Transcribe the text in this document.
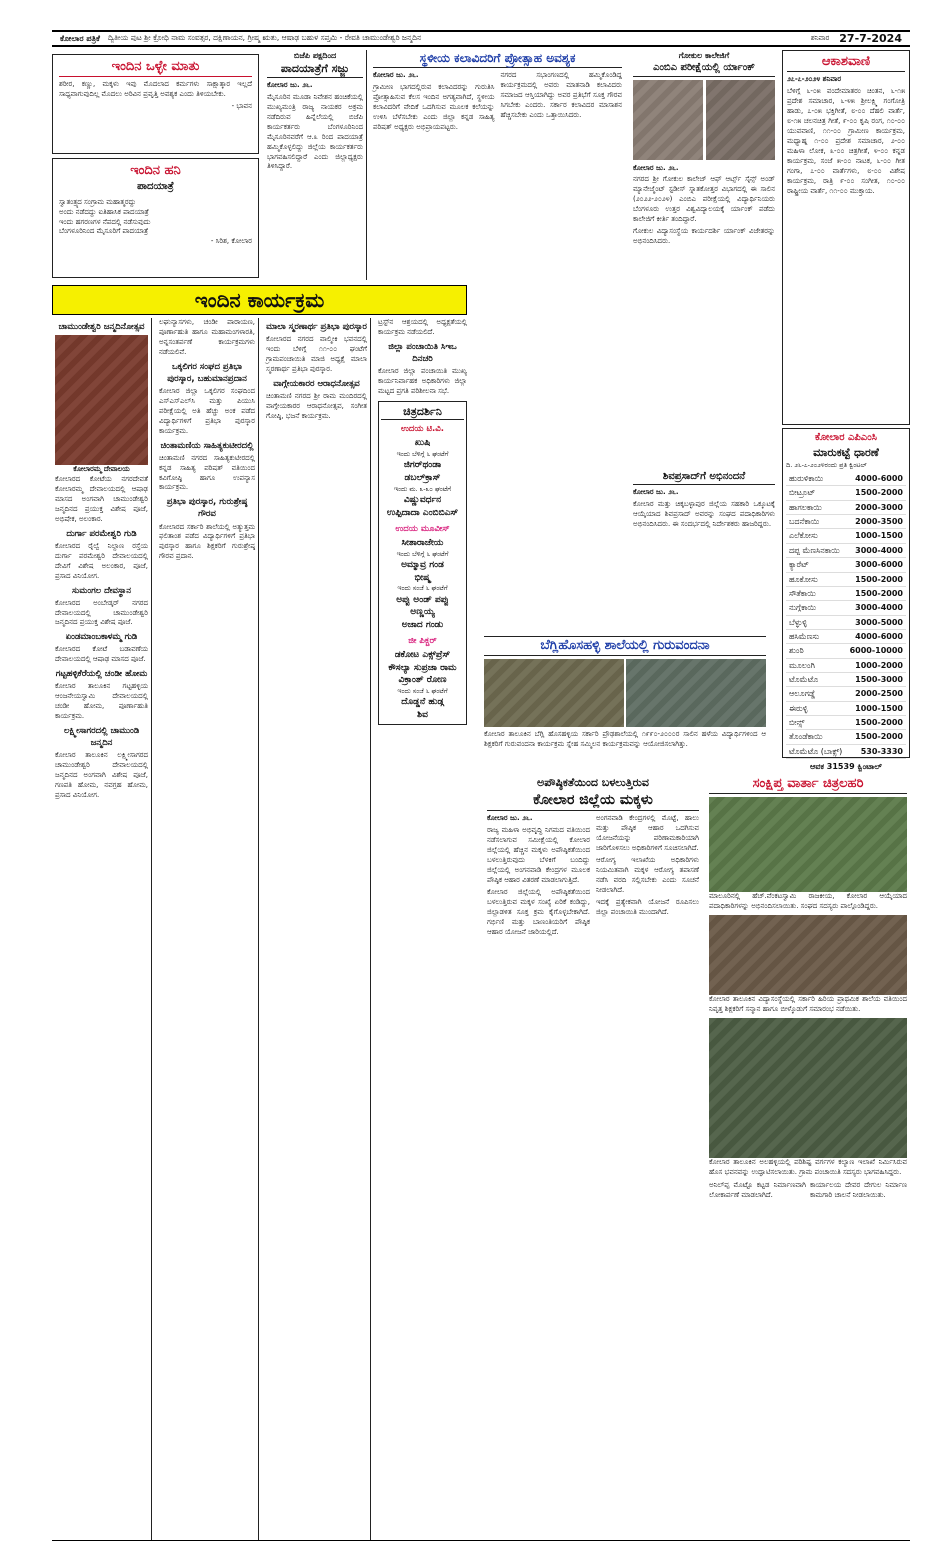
ಕೋಲಾರ ಪತ್ರಿಕೆ	ದ್ವಿತೀಯ ಪುಟ ಶ್ರೀ ಕ್ರೋಧಿ ನಾಮ ಸಂವತ್ಸರ, ದಕ್ಷಿಣಾಯನ, ಗ್ರೀಷ್ಮ ಋತು, ಆಷಾಢ ಬಹುಳ ಸಪ್ತಮಿ - ರೇವತಿ ಚಾಮುಂಡೇಶ್ವರಿ ಜನ್ಮದಿನ	ಶನಿವಾರ 27-7-2024
ಇಂದಿನ ಒಳ್ಳೇ ಮಾತು

ಶರೀರ, ಕಣ್ಣು, ಮಕ್ಕಳು ಇವು ಮೊದಲಾದ ಕರ್ಮಗಳು ಸಾಕ್ಷಾತ್ಕಾರ ಇಲ್ಲದೆ ಸಾಧ್ಯವಾಗುವುದಿಲ್ಲ ಮೊದಲು ಅರಿವಿನ ಪ್ರವೃತ್ತಿ ಅವಶ್ಯಕ ಎಂದು ತಿಳಿಯಬೇಕು.

- ಭಾವನ
ಇಂದಿನ ಹನಿ
ಪಾದಯಾತ್ರೆ
ಸ್ವಾತಂತ್ರ್ಯದ ಸಂಗ್ರಾಮ ಮಹಾತ್ಮರದ್ದು
ಅಂದು ನಡೆದದ್ದು ಐತಿಹಾಸಿಕ ಪಾದಯಾತ್ರೆ
ಇಂದು ಹಗರಣಗಳ ನೆಪದಲ್ಲಿ ನಡೆಸುವುದು
ಬೆಂಗಳೂರಿನಿಂದ ಮೈಸೂರಿಗೆ ಪಾದಯಾತ್ರೆ
- ಸಿರಿಶ, ಕೋಲಾರ
ಬಿಜೆಪಿ ಪಕ್ಷದಿಂದ
ಪಾದಯಾತ್ರೆಗೆ ಸಜ್ಜು

ಕೋಲಾರ ಜು. ೨೬.

ಮೈಸೂರಿನ ಮೂಡಾ ನಿವೇಶನ ಹಂಚಿಕೆಯಲ್ಲಿ ಮುಖ್ಯಮಂತ್ರಿ ರಾಜ್ಯ ನಾಯಕರ ಅಕ್ರಮ ನಡೆದಿರುವ ಹಿನ್ನೆಲೆಯಲ್ಲಿ ಬಿಜೆಪಿ ಕಾರ್ಯಕರ್ತರು ಬೆಂಗಳೂರಿನಿಂದ ಮೈಸೂರಿನವರೆಗೆ ಆ.೩ ರಿಂದ ಪಾದಯಾತ್ರೆ ಹಮ್ಮಿಕೊಳ್ಳಲಿದ್ದು ಜಿಲ್ಲೆಯ ಕಾರ್ಯಕರ್ತರು ಭಾಗವಹಿಸಲಿದ್ದಾರೆ ಎಂದು ಜಿಲ್ಲಾಧ್ಯಕ್ಷರು ತಿಳಿಸಿದ್ದಾರೆ.

ಸ್ಥಳೀಯ ಕಲಾವಿದರಿಗೆ ಪ್ರೋತ್ಸಾಹ ಅವಶ್ಯಕ

ಕೋಲಾರ ಜು. ೨೬.

ಗ್ರಾಮೀಣ ಭಾಗದಲ್ಲಿರುವ ಕಲಾವಿದರನ್ನು ಗುರುತಿಸಿ ಪ್ರೋತ್ಸಾಹಿಸುವ ಕೆಲಸ ಇಂದಿನ ಅಗತ್ಯವಾಗಿದೆ, ಸ್ಥಳೀಯ ಕಲಾವಿದರಿಗೆ ವೇದಿಕೆ ಒದಗಿಸುವ ಮೂಲಕ ಕಲೆಯನ್ನು ಉಳಿಸಿ ಬೆಳೆಸಬೇಕು ಎಂದು ಜಿಲ್ಲಾ ಕನ್ನಡ ಸಾಹಿತ್ಯ ಪರಿಷತ್ ಅಧ್ಯಕ್ಷರು ಅಭಿಪ್ರಾಯಪಟ್ಟರು.

ನಗರದ ಸಭಾಂಗಣದಲ್ಲಿ ಹಮ್ಮಿಕೊಂಡಿದ್ದ ಕಾರ್ಯಕ್ರಮದಲ್ಲಿ ಅವರು ಮಾತನಾಡಿ ಕಲಾವಿದರು ಸಮಾಜದ ಆಸ್ತಿಯಾಗಿದ್ದು ಅವರ ಪ್ರತಿಭೆಗೆ ಸೂಕ್ತ ಗೌರವ ಸಿಗಬೇಕು ಎಂದರು. ಸರ್ಕಾರ ಕಲಾವಿದರ ಮಾಸಾಶನ ಹೆಚ್ಚಿಸಬೇಕು ಎಂದು ಒತ್ತಾಯಿಸಿದರು.

ಗೋಕುಲ ಕಾಲೇಜಿಗೆ
ಎಂಬಿಎ ಪರೀಕ್ಷೆಯಲ್ಲಿ ರ್ಯಾಂಕ್

ಕೋಲಾರ ಜು. ೨೬.

ನಗರದ ಶ್ರೀ ಗೋಕುಲ ಕಾಲೇಜ್ ಆಫ್ ಆರ್ಟ್ಸ್ ಸೈನ್ಸ್ ಅಂಡ್ ಮ್ಯಾನೇಜ್ಮೆಂಟ್ ಸ್ಟಡೀಸ್ ಸ್ನಾತಕೋತ್ತರ ವಿಭಾಗದಲ್ಲಿ ಈ ಸಾಲಿನ (೨೦೨೨-೨೦೨೪) ಎಂಬಿಎ ಪರೀಕ್ಷೆಯಲ್ಲಿ ವಿದ್ಯಾರ್ಥಿನಿಯರು ಬೆಂಗಳೂರು ಉತ್ತರ ವಿಶ್ವವಿದ್ಯಾಲಯಕ್ಕೆ ರ್ಯಾಂಕ್ ಪಡೆದು ಕಾಲೇಜಿಗೆ ಕೀರ್ತಿ ತಂದಿದ್ದಾರೆ.

ಗೋಕುಲ ವಿದ್ಯಾಸಂಸ್ಥೆಯ ಕಾರ್ಯದರ್ಶಿ ರ್ಯಾಂಕ್ ವಿಜೇತರನ್ನು ಅಭಿನಂದಿಸಿದರು.

ಶಿವಪ್ರಸಾದ್‌ಗೆ ಅಭಿನಂದನೆ

ಕೋಲಾರ ಜು. ೨೬.

ಕೋಲಾರ ಮತ್ತು ಚಿಕ್ಕಬಳ್ಳಾಪುರ ಜಿಲ್ಲೆಯ ಸಹಕಾರಿ ಒಕ್ಕೂಟಕ್ಕೆ ಆಯ್ಕೆಯಾದ ಶಿವಪ್ರಸಾದ್ ಅವರನ್ನು ಸಂಘದ ಪದಾಧಿಕಾರಿಗಳು ಅಭಿನಂದಿಸಿದರು. ಈ ಸಂದರ್ಭದಲ್ಲಿ ನಿರ್ದೇಶಕರು ಹಾಜರಿದ್ದರು.

ಆಕಾಶವಾಣಿ

೨೭-೭-೨೦೨೪ ಶನಿವಾರ

ಬೆಳಿಗ್ಗೆ ೬-೦೫ ವಂದೇಮಾತರಂ ಚಿಂತನ, ೬-೧೫ ಪ್ರದೇಶ ಸಮಾಚಾರ, ೬-೪೫ ಶ್ರೀಲಕ್ಷ್ಮಿ ಗಂಗೋತ್ರಿ ಹಾಡು, ೭-೦೫ ಭಕ್ತಿಗೀತೆ, ೮-೦೦ ದೆಹಲಿ ವಾರ್ತೆ, ೮-೧೫ ಚಲನಚಿತ್ರ ಗೀತೆ, ೯-೦೦ ಕೃಷಿ ರಂಗ, ೧೦-೦೦ ಯುವವಾಣಿ, ೧೧-೦೦ ಗ್ರಾಮೀಣ ಕಾರ್ಯಕ್ರಮ, ಮಧ್ಯಾಹ್ನ ೧-೦೦ ಪ್ರದೇಶ ಸಮಾಚಾರ, ೨-೦೦ ಮಹಿಳಾ ಲೋಕ, ೩-೦೦ ಚಿತ್ರಗೀತೆ, ೪-೦೦ ಕನ್ನಡ ಕಾರ್ಯಕ್ರಮ, ಸಂಜೆ ೫-೦೦ ನಾಟಕ, ೬-೦೦ ಗೀತ ಗಂಗಾ, ೭-೦೦ ವಾರ್ತೆಗಳು, ೮-೦೦ ವಿಶೇಷ ಕಾರ್ಯಕ್ರಮ, ರಾತ್ರಿ ೯-೦೦ ಸಂಗೀತ, ೧೦-೦೦ ರಾಷ್ಟ್ರೀಯ ವಾರ್ತೆ, ೧೧-೦೦ ಮುಕ್ತಾಯ.

ಕೋಲಾರ ಎಪಿಎಂಸಿ
ಮಾರುಕಟ್ಟೆ ಧಾರಣೆ

ದಿ. ೨೬-೭-೨೦೨೪ರಂದು ಪ್ರತಿ ಕ್ವಿಂಟಲ್

ಹುರುಳಿಕಾಯಿ	4000-6000
ಬೀಟ್ರೂಟ್	1500-2000
ಹಾಗಲಕಾಯಿ	2000-3000
ಬದನೆಕಾಯಿ	2000-3500
ಎಲೆಕೋಸು	1000-1500
ದಪ್ಪ ಮೆಣಸಿನಕಾಯಿ	3000-4000
ಕ್ಯಾರೆಟ್	3000-6000
ಹೂಕೋಸು	1500-2000
ಸೌತೆಕಾಯಿ	1500-2000
ನುಗ್ಗೆಕಾಯಿ	3000-4000
ಬೆಳ್ಳುಳ್ಳಿ	3000-5000
ಹಸಿಮೆಣಸು	4000-6000
ಶುಂಠಿ	6000-10000
ಮೂಲಂಗಿ	1000-2000
ಟೊಮೆಟೊ	1500-3000
ಆಲೂಗಡ್ಡೆ	2000-2500
ಈರುಳ್ಳಿ	1000-1500
ಬೀನ್ಸ್	1500-2000
ತೊಂಡೆಕಾಯಿ	1500-2000
ಟೊಮೆಟೊ (ಬಾಕ್ಸ್)	530-3330
ಆವಕ 31539 ಕ್ವಿಂಟಾಲ್
ಇಂದಿನ ಕಾರ್ಯಕ್ರಮ
ಚಾಮುಂಡೇಶ್ವರಿ ಜನ್ಮದಿನೋತ್ಸವ
ಕೋಲಾರಮ್ಮ ದೇವಾಲಯ

ಕೋಲಾರದ ಕೋಟೆಯ ನಗರದೇವತೆ ಕೋಲಾರಮ್ಮ ದೇವಾಲಯದಲ್ಲಿ ಆಷಾಢ ಮಾಸದ ಅಂಗವಾಗಿ ಚಾಮುಂಡೇಶ್ವರಿ ಜನ್ಮದಿನದ ಪ್ರಯುಕ್ತ ವಿಶೇಷ ಪೂಜೆ, ಅಭಿಷೇಕ, ಅಲಂಕಾರ.

ದುರ್ಗಾ ಪರಮೇಶ್ವರಿ ಗುಡಿ

ಕೋಲಾರದ ರೈಲ್ವೆ ನಿಲ್ದಾಣ ರಸ್ತೆಯ ದುರ್ಗಾ ಪರಮೇಶ್ವರಿ ದೇವಾಲಯದಲ್ಲಿ ದೇವಿಗೆ ವಿಶೇಷ ಅಲಂಕಾರ, ಪೂಜೆ, ಪ್ರಸಾದ ವಿನಿಯೋಗ.

ಸುಮಂಗಲ ದೇವಸ್ಥಾನ

ಕೋಲಾರದ ಅಂಬೇಡ್ಕರ್ ನಗರದ ದೇವಾಲಯದಲ್ಲಿ ಚಾಮುಂಡೇಶ್ವರಿ ಜನ್ಮದಿನದ ಪ್ರಯುಕ್ತ ವಿಶೇಷ ಪೂಜೆ.

ಏಂಡಮಾಂಬಕಾಳಮ್ಮ ಗುಡಿ

ಕೋಲಾರದ ಕೋಟೆ ಬಡಾವಣೆಯ ದೇವಾಲಯದಲ್ಲಿ ಆಷಾಢ ಮಾಸದ ಪೂಜೆ.

ಗಟ್ಟಹಳ್ಳಿಕೆರೆಯಲ್ಲಿ ಚಂಡೀ ಹೋಮ

ಕೋಲಾರ ತಾಲೂಕಿನ ಗಟ್ಟಹಳ್ಳಿಯ ಆಂಜನೇಯಸ್ವಾಮಿ ದೇವಾಲಯದಲ್ಲಿ ಚಂಡೀ ಹೋಮ, ಪೂರ್ಣಾಹುತಿ ಕಾರ್ಯಕ್ರಮ.

ಲಕ್ಷ್ಮೀಸಾಗರದಲ್ಲಿ ಚಾಮುಂಡಿ ಜನ್ಮದಿನ

ಕೋಲಾರ ತಾಲೂಕಿನ ಲಕ್ಷ್ಮೀಸಾಗರದ ಚಾಮುಂಡೇಶ್ವರಿ ದೇವಾಲಯದಲ್ಲಿ ಜನ್ಮದಿನದ ಅಂಗವಾಗಿ ವಿಶೇಷ ಪೂಜೆ, ಗಣಪತಿ ಹೋಮ, ನವಗ್ರಹ ಹೋಮ, ಪ್ರಸಾದ ವಿನಿಯೋಗ.

ಲಘುನ್ಯಾಸಗಳು, ಚಂಡೀ ಪಾರಾಯಣ, ಪೂರ್ಣಾಹುತಿ ಹಾಗೂ ಮಹಾಮಂಗಳಾರತಿ, ಅನ್ನಸಂತರ್ಪಣೆ ಕಾರ್ಯಕ್ರಮಗಳು ನಡೆಯಲಿವೆ.

ಒಕ್ಕಲಿಗರ ಸಂಘದ ಪ್ರತಿಭಾ ಪುರಸ್ಕಾರ, ಬಹುಮಾನಪ್ರದಾನ

ಕೋಲಾರ ಜಿಲ್ಲಾ ಒಕ್ಕಲಿಗರ ಸಂಘದಿಂದ ಎಸ್ಎಸ್ಎಲ್‌ಸಿ ಮತ್ತು ಪಿಯುಸಿ ಪರೀಕ್ಷೆಯಲ್ಲಿ ಅತಿ ಹೆಚ್ಚು ಅಂಕ ಪಡೆದ ವಿದ್ಯಾರ್ಥಿಗಳಿಗೆ ಪ್ರತಿಭಾ ಪುರಸ್ಕಾರ ಕಾರ್ಯಕ್ರಮ.

ಚಿಂತಾಮಣಿಯ ಸಾಹಿತ್ಯಕುಟೀರದಲ್ಲಿ

ಚಿಂತಾಮಣಿ ನಗರದ ಸಾಹಿತ್ಯಕುಟೀರದಲ್ಲಿ ಕನ್ನಡ ಸಾಹಿತ್ಯ ಪರಿಷತ್ ವತಿಯಿಂದ ಕವಿಗೋಷ್ಠಿ ಹಾಗೂ ಉಪನ್ಯಾಸ ಕಾರ್ಯಕ್ರಮ.

ಪ್ರತಿಭಾ ಪುರಸ್ಕಾರ, ಗುರುಶ್ರೇಷ್ಠ ಗೌರವ

ಕೋಲಾರದ ಸರ್ಕಾರಿ ಶಾಲೆಯಲ್ಲಿ ಅತ್ಯುತ್ತಮ ಫಲಿತಾಂಶ ಪಡೆದ ವಿದ್ಯಾರ್ಥಿಗಳಿಗೆ ಪ್ರತಿಭಾ ಪುರಸ್ಕಾರ ಹಾಗೂ ಶಿಕ್ಷಕರಿಗೆ ಗುರುಶ್ರೇಷ್ಠ ಗೌರವ ಪ್ರದಾನ.

ಮಾಲಾ ಸ್ಮರಣಾರ್ಥ ಪ್ರತಿಭಾ ಪುರಸ್ಕಾರ

ಕೋಲಾರದ ನಗರದ ವಾಲ್ಮೀಕಿ ಭವನದಲ್ಲಿ ಇಂದು ಬೆಳಿಗ್ಗೆ ೧೧-೦೦ ಘಂಟೆಗೆ ಗ್ರಾಮಪಂಚಾಯಿತಿ ಮಾಜಿ ಅಧ್ಯಕ್ಷೆ ಮಾಲಾ ಸ್ಮರಣಾರ್ಥ ಪ್ರತಿಭಾ ಪುರಸ್ಕಾರ.

ವಾಗ್ಗೇಯಕಾರರ ಆರಾಧನೋತ್ಸವ

ಚಿಂತಾಮಣಿ ನಗರದ ಶ್ರೀ ರಾಮ ಮಂದಿರದಲ್ಲಿ ವಾಗ್ಗೇಯಕಾರರ ಆರಾಧನೋತ್ಸವ, ಸಂಗೀತ ಗೋಷ್ಠಿ, ಭಜನೆ ಕಾರ್ಯಕ್ರಮ.

ಟ್ರಸ್ಟ್‌ನ ಆಶ್ರಯದಲ್ಲಿ ಅಧ್ಯಕ್ಷತೆಯಲ್ಲಿ ಕಾರ್ಯಕ್ರಮ ನಡೆಯಲಿದೆ.

ಜಿಲ್ಲಾ ಪಂಚಾಯಿತಿ ಸಿಇಒ ದಿನಚರಿ

ಕೋಲಾರ ಜಿಲ್ಲಾ ಪಂಚಾಯಿತಿ ಮುಖ್ಯ ಕಾರ್ಯನಿರ್ವಾಹಕ ಅಧಿಕಾರಿಗಳು ಜಿಲ್ಲಾ ಮಟ್ಟದ ಪ್ರಗತಿ ಪರಿಶೀಲನಾ ಸಭೆ.

ಚಿತ್ರದರ್ಶಿನಿ
ಉದಯ ಟಿ.ವಿ.
ಖುಷಿ
ಇಂದು ಬೆಳಿಗ್ಗೆ ೬ ಘಂಟೆಗೆ
ಜಿಗರ್‌ಥಂಡಾ
ಡಬಲ್‌ಕ್ರಾಸ್
ಇಂದು ಮ. ೩-೩೦ ಘಂಟೆಗೆ
ವಿಷ್ಣುವರ್ಧನ
ಉಪ್ಪಿದಾದಾ ಎಂಬಿಬಿಎಸ್
ಉದಯ ಮೂವೀಸ್
ಸೀತಾರಾಜೇಯ
ಇಂದು ಬೆಳಿಗ್ಗೆ ೬ ಘಂಟೆಗೆ
ಅಮ್ಮಾವ್ರ ಗಂಡ
ಭೀಷ್ಮ
ಇಂದು ಸಂಜೆ ೬ ಘಂಟೆಗೆ
ಅಪ್ಪು ಅಂಡ್ ಪಪ್ಪು
ಅಣ್ಣಯ್ಯ
ಅಜಾದ ಗಂಡು
ಜೀ ಪಿಕ್ಚರ್
ಡಕೋಟ ಎಕ್ಸ್‌ಪ್ರೆಸ್
ಕೌಸಲ್ಯಾ ಸುಪ್ರಜಾ ರಾಮ
ವಿಕ್ರಾಂತ್ ರೋಣ
ಇಂದು ಸಂಜೆ ೬ ಘಂಟೆಗೆ
ದೊಡ್ಡನೆ ಹುಡ್ಗ
ಶಿವ
ಬೆಗ್ಲಿಹೊಸಹಳ್ಳಿ ಶಾಲೆಯಲ್ಲಿ ಗುರುವಂದನಾ

ಕೋಲಾರ ತಾಲೂಕಿನ ಬೆಗ್ಲಿ ಹೊಸಹಳ್ಳಿಯ ಸರ್ಕಾರಿ ಪ್ರೌಢಶಾಲೆಯಲ್ಲಿ ೧೯೯೦-೨೦೦೦ರ ಸಾಲಿನ ಹಳೆಯ ವಿದ್ಯಾರ್ಥಿಗಳಿಂದ ಆ ಶಿಕ್ಷಕರಿಗೆ ಗುರುವಂದನಾ ಕಾರ್ಯಕ್ರಮ ಸ್ನೇಹ ಸಮ್ಮಿಲನ ಕಾರ್ಯಕ್ರಮವನ್ನು ಆಯೋಜಿಸಲಾಗಿತ್ತು.

ಅಪೌಷ್ಠಿಕತೆಯಿಂದ ಬಳಲುತ್ತಿರುವ
ಕೋಲಾರ ಜಿಲ್ಲೆಯ ಮಕ್ಕಳು

ಕೋಲಾರ ಜು. ೨೬.

ರಾಜ್ಯ ಮಹಿಳಾ ಅಭಿವೃದ್ಧಿ ನಿಗಮದ ವತಿಯಿಂದ ನಡೆಸಲಾಗುವ ಸಮೀಕ್ಷೆಯಲ್ಲಿ ಕೋಲಾರ ಜಿಲ್ಲೆಯಲ್ಲಿ ಹೆಚ್ಚಿನ ಮಕ್ಕಳು ಅಪೌಷ್ಠಿಕತೆಯಿಂದ ಬಳಲುತ್ತಿರುವುದು ಬೆಳಕಿಗೆ ಬಂದಿದ್ದು ಜಿಲ್ಲೆಯಲ್ಲಿ ಅಂಗನವಾಡಿ ಕೇಂದ್ರಗಳ ಮೂಲಕ ಪೌಷ್ಠಿಕ ಆಹಾರ ವಿತರಣೆ ಮಾಡಲಾಗುತ್ತಿದೆ.

ಕೋಲಾರ ಜಿಲ್ಲೆಯಲ್ಲಿ ಅಪೌಷ್ಠಿಕತೆಯಿಂದ ಬಳಲುತ್ತಿರುವ ಮಕ್ಕಳ ಸಂಖ್ಯೆ ಏರಿಕೆ ಕಂಡಿದ್ದು, ಜಿಲ್ಲಾಡಳಿತ ಸೂಕ್ತ ಕ್ರಮ ಕೈಗೊಳ್ಳಬೇಕಾಗಿದೆ. ಗರ್ಭಿಣಿ ಮತ್ತು ಬಾಣಂತಿಯರಿಗೆ ಪೌಷ್ಠಿಕ ಆಹಾರ ಯೋಜನೆ ಜಾರಿಯಲ್ಲಿದೆ.

ಅಂಗನವಾಡಿ ಕೇಂದ್ರಗಳಲ್ಲಿ ಮೊಟ್ಟೆ, ಹಾಲು ಮತ್ತು ಪೌಷ್ಠಿಕ ಆಹಾರ ಒದಗಿಸುವ ಯೋಜನೆಯನ್ನು ಪರಿಣಾಮಕಾರಿಯಾಗಿ ಜಾರಿಗೊಳಿಸಲು ಅಧಿಕಾರಿಗಳಿಗೆ ಸೂಚಿಸಲಾಗಿದೆ.

ಆರೋಗ್ಯ ಇಲಾಖೆಯ ಅಧಿಕಾರಿಗಳು ನಿಯಮಿತವಾಗಿ ಮಕ್ಕಳ ಆರೋಗ್ಯ ತಪಾಸಣೆ ನಡೆಸಿ ವರದಿ ಸಲ್ಲಿಸಬೇಕು ಎಂದು ಸೂಚನೆ ನೀಡಲಾಗಿದೆ.

ಇದಕ್ಕೆ ಪ್ರತ್ಯೇಕವಾಗಿ ಯೋಜನೆ ರೂಪಿಸಲು ಜಿಲ್ಲಾ ಪಂಚಾಯಿತಿ ಮುಂದಾಗಿದೆ.

ಸಂಕ್ಷಿಪ್ತ ವಾರ್ತಾ ಚಿತ್ರಲಹರಿ

ಮಾಲೂರಿನಲ್ಲಿ ಹೆಚ್.ವೆಂಕಟಸ್ವಾಮಿ ರಾಜಕೀಯ, ಕೋಲಾರ ಆಯ್ಕೆಯಾದ ಪದಾಧಿಕಾರಿಗಳನ್ನು ಅಭಿನಂದಿಸಲಾಯಿತು. ಸಂಘದ ಸದಸ್ಯರು ಪಾಲ್ಗೊಂಡಿದ್ದರು.

ಕೋಲಾರ ತಾಲೂಕಿನ ವಿದ್ಯಾಸಂಸ್ಥೆಯಲ್ಲಿ ಸರ್ಕಾರಿ ಹಿರಿಯ ಪ್ರಾಥಮಿಕ ಶಾಲೆಯ ವತಿಯಿಂದ ನಿವೃತ್ತ ಶಿಕ್ಷಕರಿಗೆ ಸನ್ಮಾನ ಹಾಗೂ ಬೀಳ್ಕೊಡುಗೆ ಸಮಾರಂಭ ನಡೆಯಿತು.

ಕೋಲಾರ ತಾಲೂಕಿನ ಅಲಹಳ್ಳಿಯಲ್ಲಿ ಪರಿಶಿಷ್ಟ ವರ್ಗಗಳ ಕಲ್ಯಾಣ ಇಲಾಖೆ ನಿರ್ಮಿಸಿರುವ ಹೊಸ ಭವನವನ್ನು ಉದ್ಘಾಟಿಸಲಾಯಿತು. ಗ್ರಾಮ ಪಂಚಾಯಿತಿ ಸದಸ್ಯರು ಭಾಗವಹಿಸಿದ್ದರು.

ಅನಿಲ್‌ಪ್ಪ ಮೊಟ್ಟೊ ಕಟ್ಟಡ ನಿರ್ಮಾಣವಾಗಿ ಲೋಕಾರ್ಪಣೆ ಮಾಡಲಾಗಿದೆ.

ಕಾರ್ಯಾಲಯ ದೇವರ ದೇಗುಲ ನಿರ್ಮಾಣ ಕಾಮಗಾರಿ ಚಾಲನೆ ನೀಡಲಾಯಿತು.
